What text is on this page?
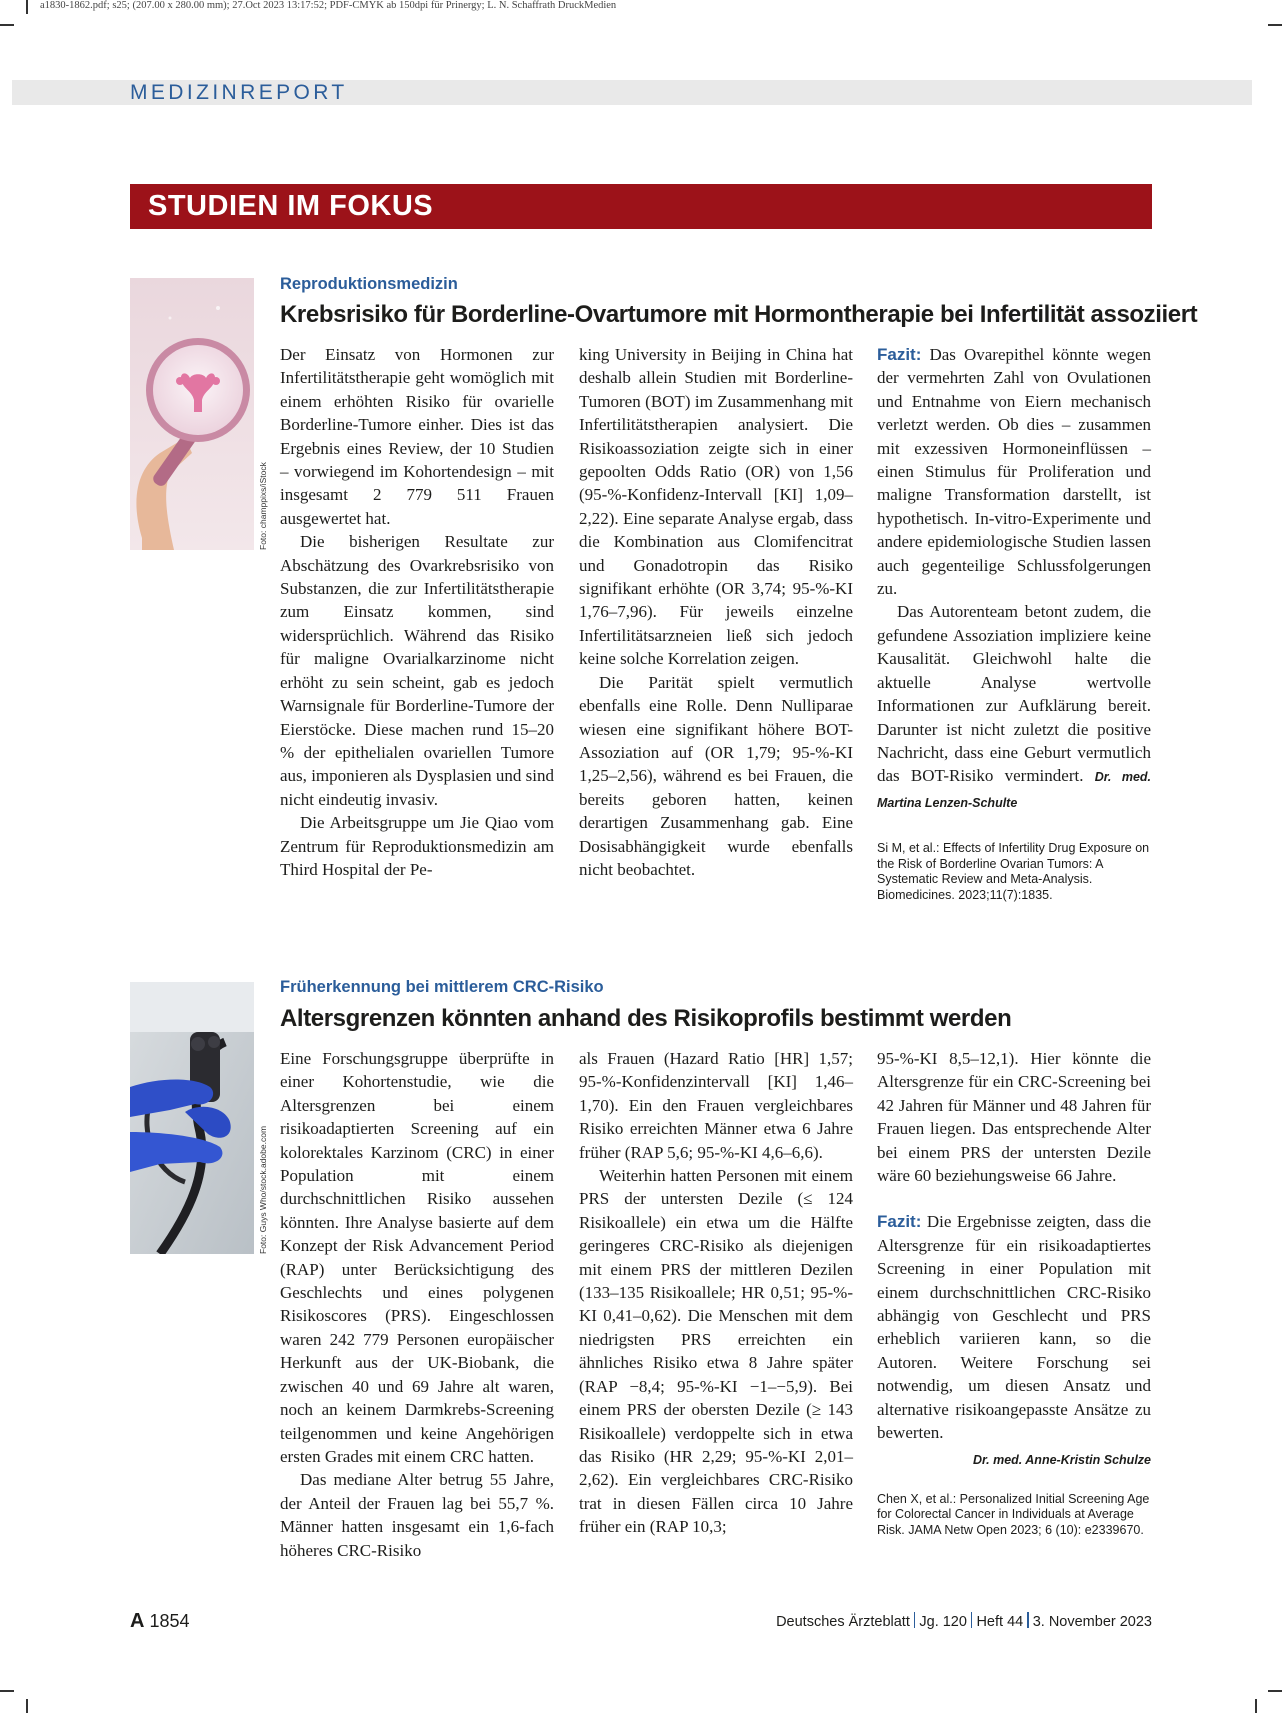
a1830-1862.pdf; s25; (207.00 x 280.00 mm); 27.Oct 2023 13:17:52; PDF-CMYK ab 150dpi für Prinergy; L. N. Schaffrath DruckMedien
MEDIZINREPORT
STUDIEN IM FOKUS
Foto: champpixs/iStock
Reproduktionsmedizin
Krebsrisiko für Borderline-Ovartumore mit Hormontherapie bei Infertilität assoziiert

Der Einsatz von Hormonen zur Infertilitätstherapie geht womöglich mit einem erhöhten Risiko für ovarielle Borderline-Tumore einher. Dies ist das Ergebnis eines Review, der 10 Studien – vorwiegend im Kohortendesign – mit insgesamt 2 779 511 Frauen ausgewertet hat.

Die bisherigen Resultate zur Abschätzung des Ovarkrebsrisiko von Substanzen, die zur Infertilitätstherapie zum Einsatz kommen, sind widersprüchlich. Während das Risiko für maligne Ovarialkarzinome nicht erhöht zu sein scheint, gab es jedoch Warnsignale für Borderline-Tumore der Eierstöcke. Diese machen rund 15–20 % der epithelialen ovariellen Tumore aus, imponieren als Dysplasien und sind nicht eindeutig invasiv.

Die Arbeitsgruppe um Jie Qiao vom Zentrum für Reproduktionsmedizin am Third Hospital der Pe-

king University in Beijing in China hat deshalb allein Studien mit Borderline-Tumoren (BOT) im Zusammenhang mit Infertilitätstherapien analysiert. Die Risikoassoziation zeigte sich in einer gepoolten Odds Ratio (OR) von 1,56 (95-%-Konfidenz-Intervall [KI] 1,09–2,22). Eine separate Analyse ergab, dass die Kombination aus Clomifencitrat und Gonadotropin das Risiko signifikant erhöhte (OR 3,74; 95-%-KI 1,76–7,96). Für jeweils einzelne Infertilitätsarzneien ließ sich jedoch keine solche Korrelation zeigen.

Die Parität spielt vermutlich ebenfalls eine Rolle. Denn Nulliparae wiesen eine signifikant höhere BOT-Assoziation auf (OR 1,79; 95-%-KI 1,25–2,56), während es bei Frauen, die bereits geboren hatten, keinen derartigen Zusammenhang gab. Eine Dosisabhängigkeit wurde ebenfalls nicht beobachtet.

Fazit: Das Ovarepithel könnte wegen der vermehrten Zahl von Ovulationen und Entnahme von Eiern mechanisch verletzt werden. Ob dies – zusammen mit exzessiven Hormoneinflüssen – einen Stimulus für Proliferation und maligne Transformation darstellt, ist hypothetisch. In-vitro-Experimente und andere epidemiologische Studien lassen auch gegenteilige Schlussfolgerungen zu.

Das Autorenteam betont zudem, die gefundene Assoziation impliziere keine Kausalität. Gleichwohl halte die aktuelle Analyse wertvolle Informationen zur Aufklärung bereit. Darunter ist nicht zuletzt die positive Nachricht, dass eine Geburt vermutlich das BOT-Risiko vermindert. Dr. med. Martina Lenzen-Schulte

Si M, et al.: Effects of Infertility Drug Exposure on the Risk of Borderline Ovarian Tumors: A Systematic Review and Meta-Analysis. Biomedicines. 2023;11(7):1835.
Foto: Guys Who/stock.adobe.com
Früherkennung bei mittlerem CRC-Risiko
Altersgrenzen könnten anhand des Risikoprofils bestimmt werden

Eine Forschungsgruppe überprüfte in einer Kohortenstudie, wie die Altersgrenzen bei einem risikoadaptierten Screening auf ein kolorektales Karzinom (CRC) in einer Population mit einem durchschnittlichen Risiko aussehen könnten. Ihre Analyse basierte auf dem Konzept der Risk Advancement Period (RAP) unter Berücksichtigung des Geschlechts und eines polygenen Risikoscores (PRS). Eingeschlossen waren 242 779 Personen europäischer Herkunft aus der UK-Biobank, die zwischen 40 und 69 Jahre alt waren, noch an keinem Darmkrebs-Screening teilgenommen und keine Angehörigen ersten Grades mit einem CRC hatten.

Das mediane Alter betrug 55 Jahre, der Anteil der Frauen lag bei 55,7 %. Männer hatten insgesamt ein 1,6-fach höheres CRC-Risiko

als Frauen (Hazard Ratio [HR] 1,57; 95-%-Konfidenzintervall [KI] 1,46–1,70). Ein den Frauen vergleichbares Risiko erreichten Männer etwa 6 Jahre früher (RAP 5,6; 95-%-KI 4,6–6,6).

Weiterhin hatten Personen mit einem PRS der untersten Dezile (≤ 124 Risikoallele) ein etwa um die Hälfte geringeres CRC-Risiko als diejenigen mit einem PRS der mittleren Dezilen (133–135 Risikoallele; HR 0,51; 95-%-KI 0,41–0,62). Die Menschen mit dem niedrigsten PRS erreichten ein ähnliches Risiko etwa 8 Jahre später (RAP −8,4; 95-%-KI −1–−5,9). Bei einem PRS der obersten Dezile (≥ 143 Risikoallele) verdoppelte sich in etwa das Risiko (HR 2,29; 95-%-KI 2,01–2,62). Ein vergleichbares CRC-Risiko trat in diesen Fällen circa 10 Jahre früher ein (RAP 10,3;

95-%-KI 8,5–12,1). Hier könnte die Altersgrenze für ein CRC-Screening bei 42 Jahren für Männer und 48 Jahren für Frauen liegen. Das entsprechende Alter bei einem PRS der untersten Dezile wäre 60 beziehungsweise 66 Jahre.

Fazit: Die Ergebnisse zeigten, dass die Altersgrenze für ein risikoadaptiertes Screening in einer Population mit einem durchschnittlichen CRC-Risiko abhängig von Geschlecht und PRS erheblich variieren kann, so die Autoren. Weitere Forschung sei notwendig, um diesen Ansatz und alternative risikoangepasste Ansätze zu bewerten.

Dr. med. Anne-Kristin Schulze
Chen X, et al.: Personalized Initial Screening Age for Colorectal Cancer in Individuals at Average Risk. JAMA Netw Open 2023; 6 (10): e2339670.
A 1854	Deutsches Ärzteblatt Jg. 120 Heft 44 3. November 2023
